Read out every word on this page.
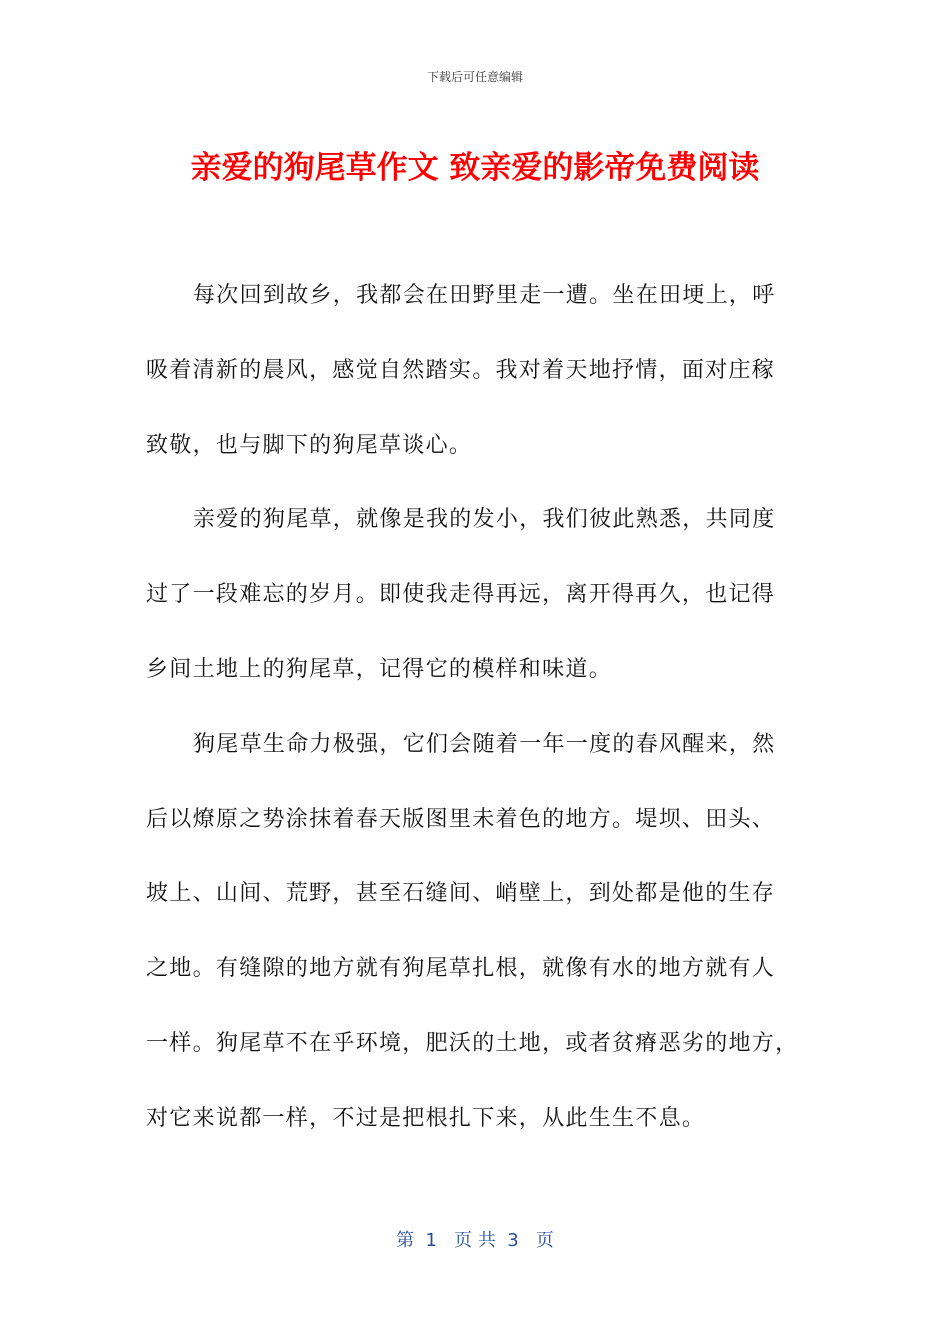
下载后可任意编辑
亲爱的狗尾草作文 致亲爱的影帝免费阅读
每次回到故乡，我都会在田野里走一遭。坐在田埂上，呼
吸着清新的晨风，感觉自然踏实。我对着天地抒情，面对庄稼
致敬，也与脚下的狗尾草谈心。
亲爱的狗尾草，就像是我的发小，我们彼此熟悉，共同度
过了一段难忘的岁月。即使我走得再远，离开得再久，也记得
乡间土地上的狗尾草，记得它的模样和味道。
狗尾草生命力极强，它们会随着一年一度的春风醒来，然
后以燎原之势涂抹着春天版图里未着色的地方。堤坝、田头、
坡上、山间、荒野，甚至石缝间、峭壁上，到处都是他的生存
之地。有缝隙的地方就有狗尾草扎根，就像有水的地方就有人
一样。狗尾草不在乎环境，肥沃的土地，或者贫瘠恶劣的地方，
对它来说都一样，不过是把根扎下来，从此生生不息。
第  1   页 共  3   页
